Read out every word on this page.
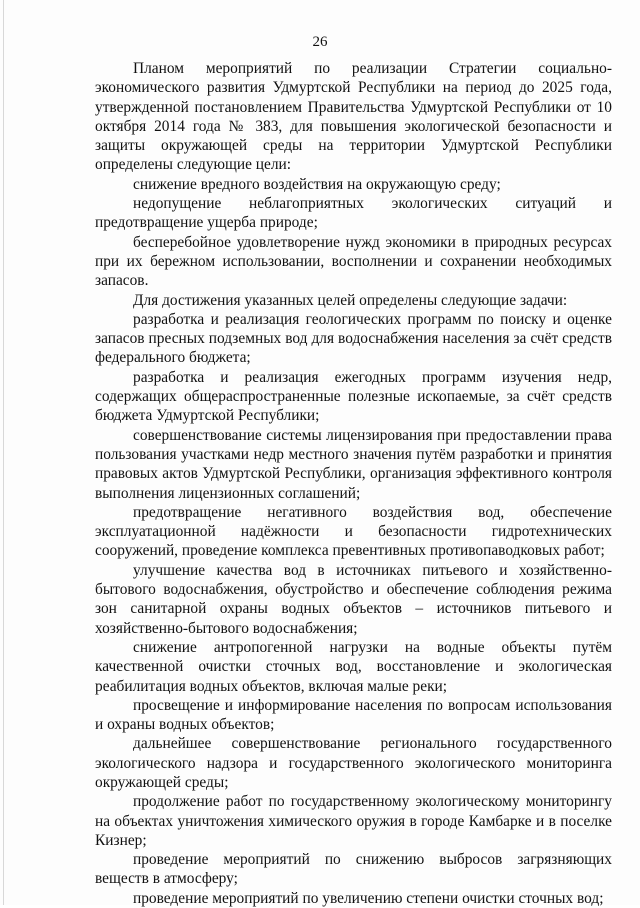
26

Планом мероприятий по реализации Стратегии социально-экономического развития Удмуртской Республики на период до 2025 года, утвержденной постановлением Правительства Удмуртской Республики от 10 октября 2014 года № 383, для повышения экологической безопасности и защиты окружающей среды на территории Удмуртской Республики определены следующие цели:

снижение вредного воздействия на окружающую среду;

недопущение неблагоприятных экологических ситуаций и предотвращение ущерба природе;

бесперебойное удовлетворение нужд экономики в природных ресурсах при их бережном использовании, восполнении и сохранении необходимых запасов.

Для достижения указанных целей определены следующие задачи:

разработка и реализация геологических программ по поиску и оценке запасов пресных подземных вод для водоснабжения населения за счёт средств федерального бюджета;

разработка и реализация ежегодных программ изучения недр, содержащих общераспространенные полезные ископаемые, за счёт средств бюджета Удмуртской Республики;

совершенствование системы лицензирования при предоставлении права пользования участками недр местного значения путём разработки и принятия правовых актов Удмуртской Республики, организация эффективного контроля выполнения лицензионных соглашений;

предотвращение негативного воздействия вод, обеспечение эксплуатационной надёжности и безопасности гидротехнических сооружений, проведение комплекса превентивных противопаводковых работ;

улучшение качества вод в источниках питьевого и хозяйственно-бытового водоснабжения, обустройство и обеспечение соблюдения режима зон санитарной охраны водных объектов – источников питьевого и хозяйственно-бытового водоснабжения;

снижение антропогенной нагрузки на водные объекты путём качественной очистки сточных вод, восстановление и экологическая реабилитация водных объектов, включая малые реки;

просвещение и информирование населения по вопросам использования и охраны водных объектов;

дальнейшее совершенствование регионального государственного экологического надзора и государственного экологического мониторинга окружающей среды;

продолжение работ по государственному экологическому мониторингу на объектах уничтожения химического оружия в городе Камбарке и в поселке Кизнер;

проведение мероприятий по снижению выбросов загрязняющих веществ в атмосферу;

проведение мероприятий по увеличению степени очистки сточных вод;
